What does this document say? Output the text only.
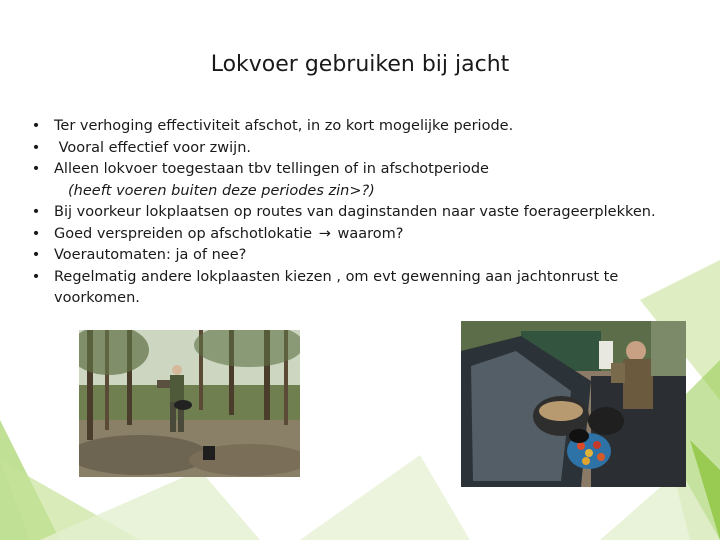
Lokvoer gebruiken bij jacht
• Ter verhoging effectiviteit afschot, in zo kort mogelijke periode.
• Vooral effectief voor zwijn.
• Alleen lokvoer toegestaan tbv tellingen of in afschotperiode
(heeft voeren buiten deze periodes zin>?)
• Bij voorkeur lokplaatsen op routes van daginstanden naar vaste foerageerplekken.
• Goed verspreiden op afschotlokatie → waarom?
• Voerautomaten: ja of nee?
• Regelmatig andere lokplaasten kiezen , om evt gewenning aan jachtonrust te
voorkomen.
